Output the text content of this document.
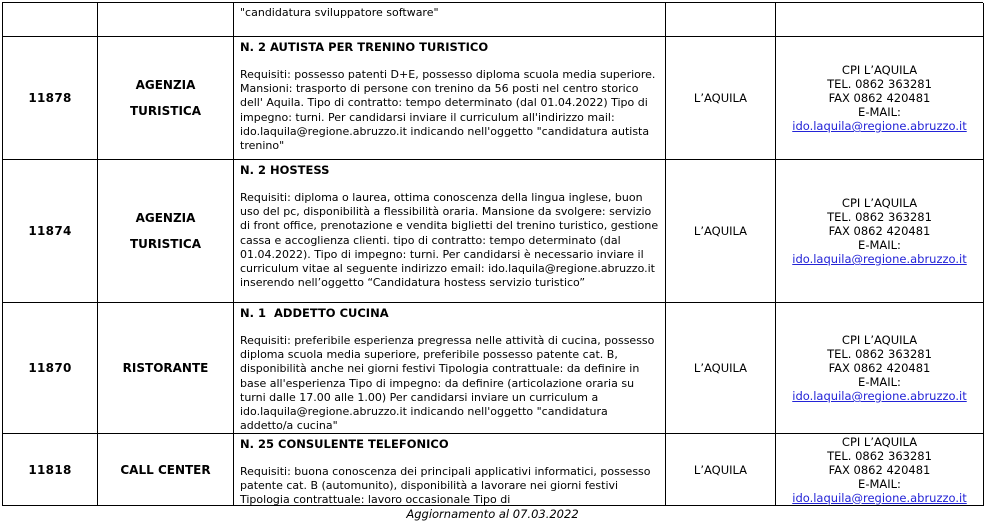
"candidatura sviluppatore software"
11878
AGENZIA TURISTICA
N. 2 AUTISTA PER TRENINO TURISTICO
Requisiti: possesso patenti D+E, possesso diploma scuola media superiore. Mansioni: trasporto di persone con trenino da 56 posti nel centro storico dell' Aquila. Tipo di contratto: tempo determinato (dal 01.04.2022) Tipo di impegno: turni. Per candidarsi inviare il curriculum all'indirizzo mail: ido.laquila@regione.abruzzo.it indicando nell'oggetto "candidatura autista trenino"
L’AQUILA
CPI L’AQUILA
TEL. 0862 363281
FAX 0862 420481
E-MAIL:
ido.laquila@regione.abruzzo.it
11874
AGENZIA TURISTICA
N. 2 HOSTESS
Requisiti: diploma o laurea, ottima conoscenza della lingua inglese, buon uso del pc, disponibilità a flessibilità oraria. Mansione da svolgere: servizio di front office, prenotazione e vendita biglietti del trenino turistico, gestione cassa e accoglienza clienti. tipo di contratto: tempo determinato (dal 01.04.2022). Tipo di impegno: turni. Per candidarsi è necessario inviare il curriculum vitae al seguente indirizzo email: ido.laquila@regione.abruzzo.it inserendo nell’oggetto “Candidatura hostess servizio turistico”
L’AQUILA
CPI L’AQUILA
TEL. 0862 363281
FAX 0862 420481
E-MAIL:
ido.laquila@regione.abruzzo.it
11870	RISTORANTE
N. 1  ADDETTO CUCINA
Requisiti: preferibile esperienza pregressa nelle attività di cucina, possesso diploma scuola media superiore, preferibile possesso patente cat. B, disponibilità anche nei giorni festivi Tipologia contrattuale: da definire in base all'esperienza Tipo di impegno: da definire (articolazione oraria su turni dalle 17.00 alle 1.00) Per candidarsi inviare un curriculum a ido.laquila@regione.abruzzo.it indicando nell'oggetto "candidatura addetto/a cucina"
L’AQUILA
CPI L’AQUILA
TEL. 0862 363281
FAX 0862 420481
E-MAIL:
ido.laquila@regione.abruzzo.it
11818	CALL CENTER
N. 25 CONSULENTE TELEFONICO
Requisiti: buona conoscenza dei principali applicativi informatici, possesso patente cat. B (automunito), disponibilità a lavorare nei giorni festivi Tipologia contrattuale: lavoro occasionale Tipo di
L’AQUILA
CPI L’AQUILA
TEL. 0862 363281
FAX 0862 420481
E-MAIL:
ido.laquila@regione.abruzzo.it
Aggiornamento al 07.03.2022
